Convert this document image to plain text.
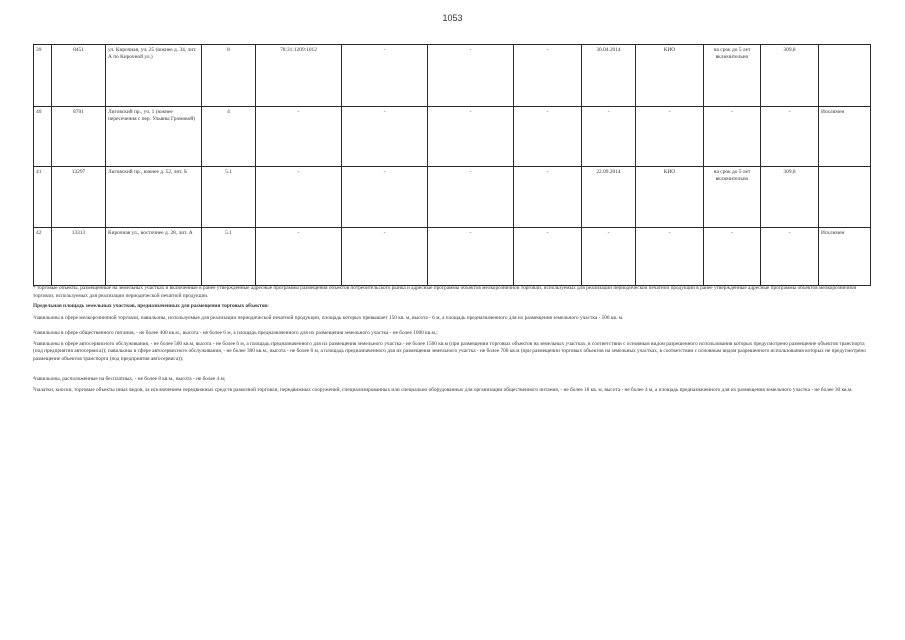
1053
39	8451	ул. Кирочная, уч. 25 (южнее д. 34, лит. А по Кирочной ул.)	8	78:31:1209:1012	-	-	-	30.04.2014	КИО	на срок до 5 лет включительно	309,8	
40	8701	Лиговский пр., уч. 1 (южнее пересечения с пер. Ульяны Громовой)	4	-	-	-	-	-	-	-	-	Исключен
41	13297	Лиговский пр., южнее д. 52, лит. Б	5.1	-	-	-	-	22.09.2014	КИО	на срок до 5 лет включительно	309,8	
42	13313	Кирочная ул., восточнее д. 28, лит. А	5.1	-	-	-	-	-	-	-	-	Исключен

* торговые объекты, размещенные на земельных участках и включенные в ранее утвержденные адресные программы размещения объектов потребительского рынка и адресные программы объектов мелкорозничной торговли, используемых для реализации периодической печатной продукции в ранее утвержденные адресные программы объектов мелкорозничной торговли, используемых для реализации периодической печатной продукции.

Предельная площадь земельных участков, предназначенных для размещения торговых объектов:

$^1$павильоны в сфере мелкорозничной торговли, павильоны, используемые для реализации периодической печатной продукции, площадь которых превышает 150 кв. м, высота - 6 м, а площадь предназначенного для их размещения земельного участка - 500 кв. м.

$^2$павильоны в сфере общественного питания, - не более 400 кв.м., высота - не более 6 м, а площадь предназначенного для их размещения земельного участка - не более 1000 кв.м.;

$^3$павильоны в сфере автосервисного обслуживания, - не более 500 кв.м, высота - не более 6 м, а площадь предназначенного для их размещения земельного участка - не более 1500 кв.м (при размещении торговых объектов на земельных участках, в соответствии с основным видом разрешенного использования которых предусмотрено размещение объектов транспорта (под предприятия автосервиса)); павильоны в сфере автосервисного обслуживания, - не более 300 кв.м., высота - не более 6 м, а площадь предназначенного для их размещения земельного участка - не более 700 кв.м (при размещении торговых объектов на земельных участках, в соответствии с основным видом разрешенного использования которых не предусмотрено размещение объектов транспорта (под предприятия автосервиса));

$^4$павильоны, расположенные на бесплатных, - не более 8 кв.м., высота - не более 4 м;

$^5$палатки, киоски, торговые объекты иных видов, за исключением передвижных средств развозной торговли, передвижных сооружений, специализированных или специально оборудованных для организации общественного питания, - не более 18 кв. м, высота - не более 4 м, а площадь предназначенного для их размещения земельного участка - не более 30 кв.м.
